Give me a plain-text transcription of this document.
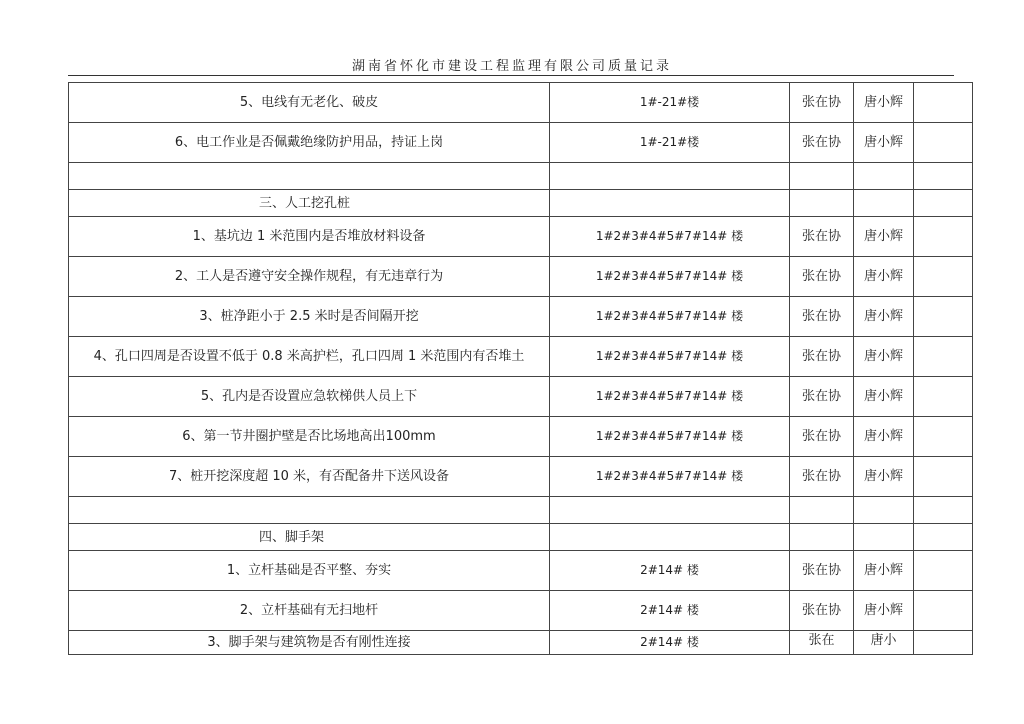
湖南省怀化市建设工程监理有限公司质量记录
5、电线有无老化、破皮	1#-21#楼	张在协	唐小辉	
6、电工作业是否佩戴绝缘防护用品，持证上岗	1#-21#楼	张在协	唐小辉	

三、人工挖孔桩				
1、基坑边 1 米范围内是否堆放材料设备	1#2#3#4#5#7#14# 楼	张在协	唐小辉	
2、工人是否遵守安全操作规程，有无违章行为	1#2#3#4#5#7#14# 楼	张在协	唐小辉	
3、桩净距小于 2.5 米时是否间隔开挖	1#2#3#4#5#7#14# 楼	张在协	唐小辉	
4、孔口四周是否设置不低于 0.8 米高护栏，孔口四周 1 米范围内有否堆土	1#2#3#4#5#7#14# 楼	张在协	唐小辉	
5、孔内是否设置应急软梯供人员上下	1#2#3#4#5#7#14# 楼	张在协	唐小辉	
6、第一节井圈护壁是否比场地高出100mm	1#2#3#4#5#7#14# 楼	张在协	唐小辉	
7、桩开挖深度超 10 米，有否配备井下送风设备	1#2#3#4#5#7#14# 楼	张在协	唐小辉	

四、脚手架				
1、立杆基础是否平整、夯实	2#14# 楼	张在协	唐小辉	
2、立杆基础有无扫地杆	2#14# 楼	张在协	唐小辉	
3、脚手架与建筑物是否有刚性连接	2#14# 楼	张在	唐小	
